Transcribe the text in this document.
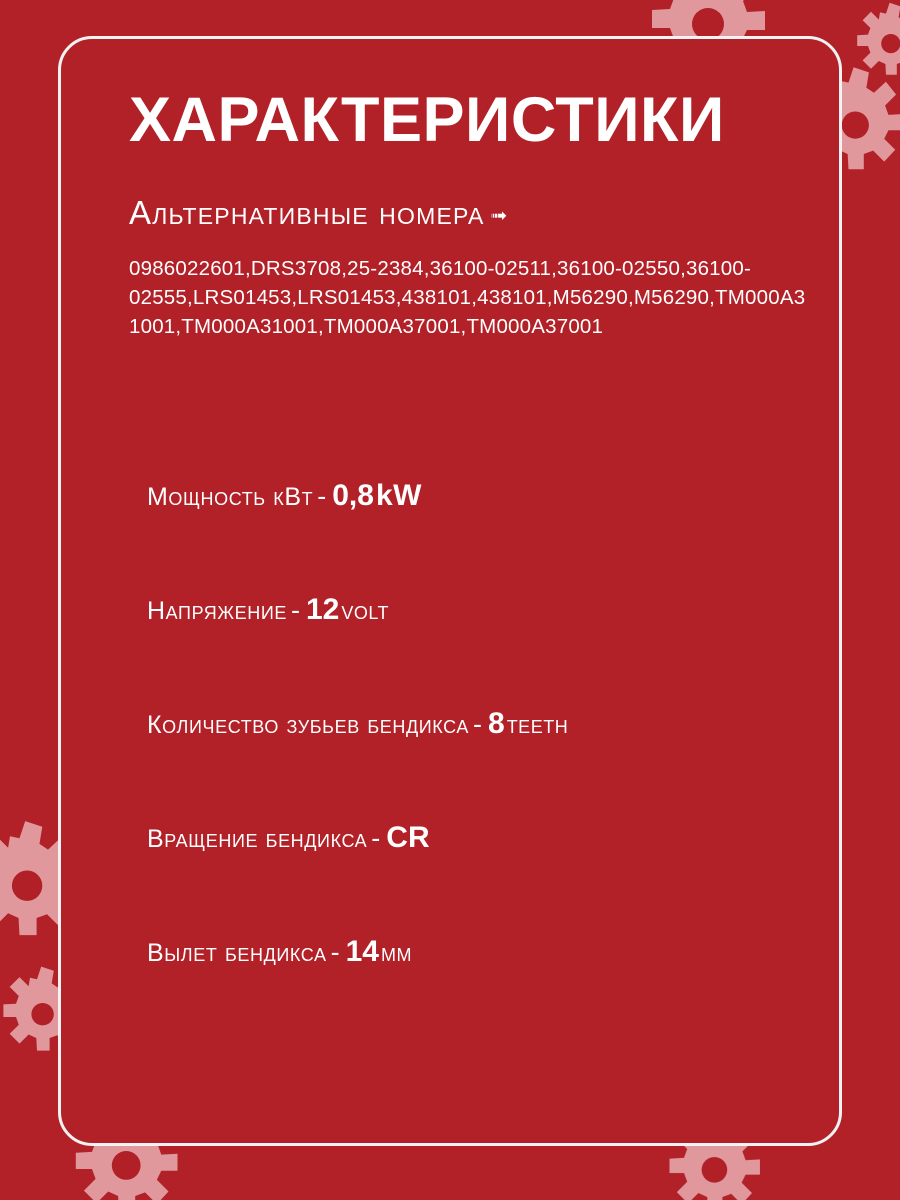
ХАРАКТЕРИСТИКИ
Альтернативные номера ➟
0986022601,DRS3708,25-2384,36100-02511,36100-02550,36100-02555,LRS01453,LRS01453,438101,438101,M56290,M56290,TM000A31001,TM000A31001,TM000A37001,TM000A37001
Мощность кВт - 0,8kW
Напряжение - 12volt
Количество зубьев бендикса - 8teeth
Вращение бендикса - CR
Вылет бендикса - 14мм
